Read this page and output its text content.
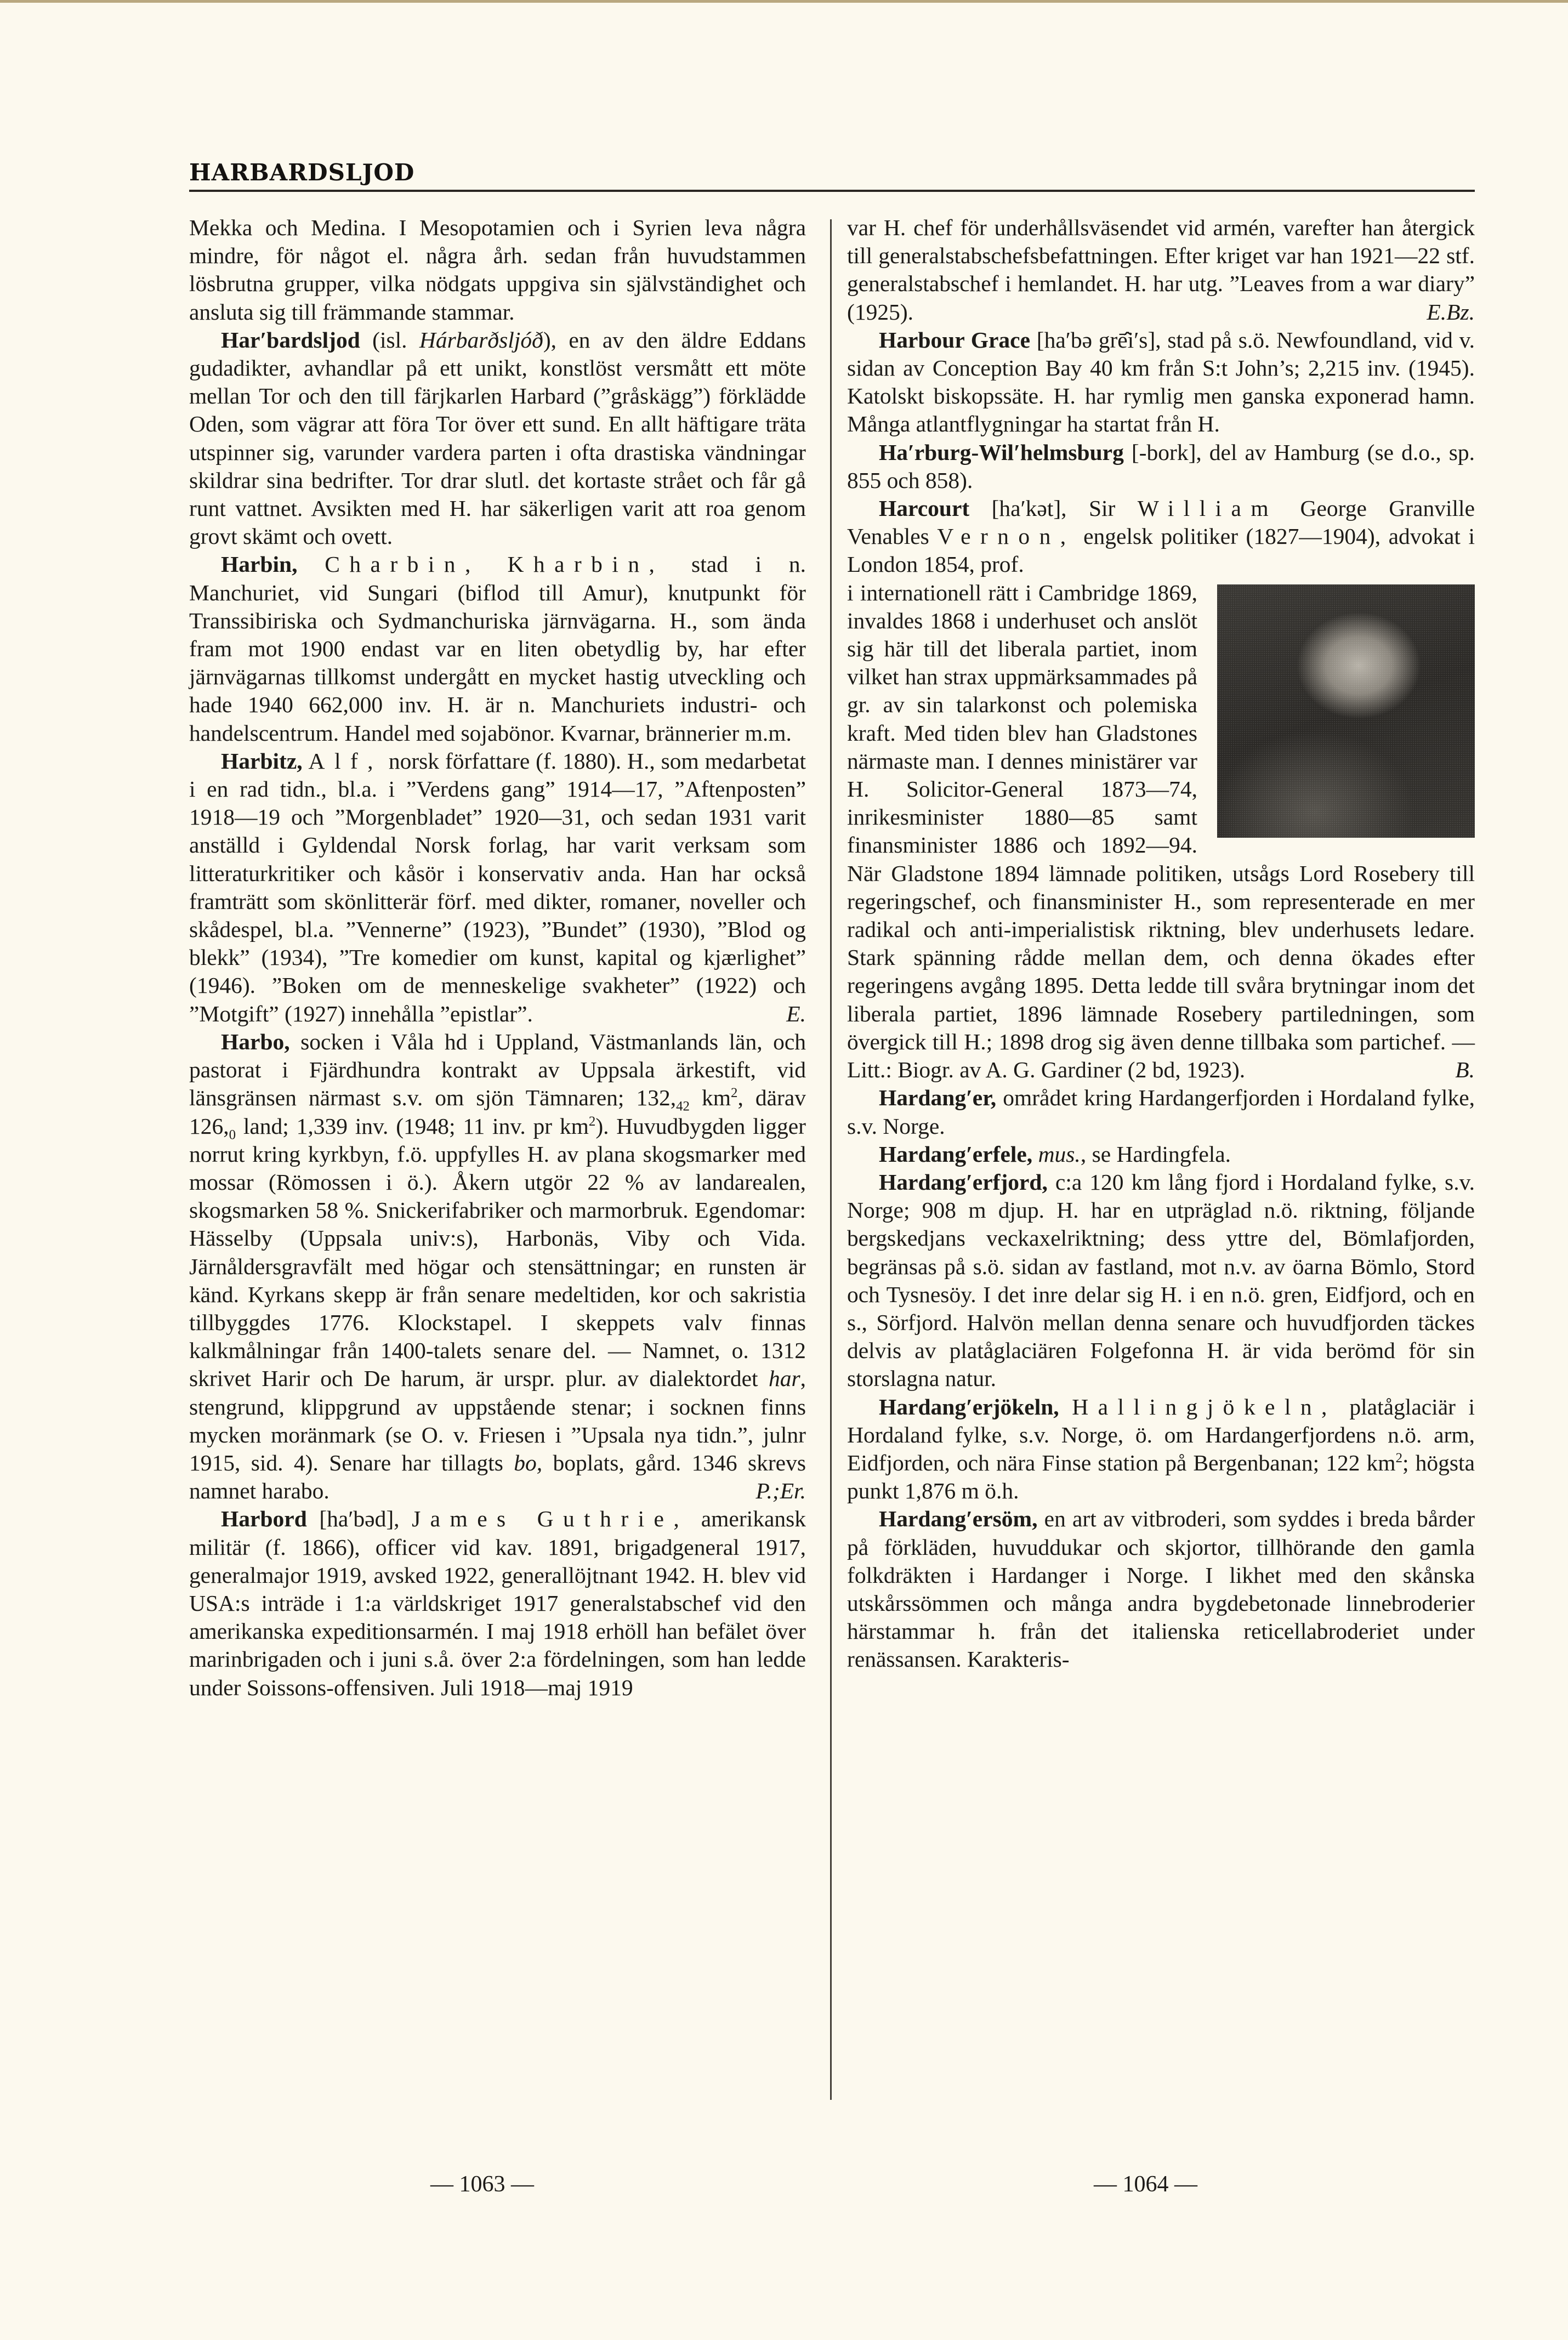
HARBARDSLJOD

Mekka och Medina. I Mesopotamien och i Syrien leva några mindre, för något el. några årh. sedan från huvudstammen lösbrutna grupper, vilka nödgats uppgiva sin självständighet och ansluta sig till främmande stammar.

Har′bardsljod (isl. Hárbarðsljóð), en av den äldre Eddans gudadikter, avhandlar på ett unikt, konstlöst versmått ett möte mellan Tor och den till färjkarlen Harbard (”gråskägg”) förklädde Oden, som vägrar att föra Tor över ett sund. En allt häftigare träta utspinner sig, varunder vardera parten i ofta drastiska vändningar skildrar sina bedrifter. Tor drar slutl. det kortaste strået och får gå runt vattnet. Avsikten med H. har säkerligen varit att roa genom grovt skämt och ovett.

Harbin, Charbin, Kharbin, stad i n. Manchuriet, vid Sungari (biflod till Amur), knutpunkt för Transsibiriska och Sydmanchuriska järnvägarna. H., som ända fram mot 1900 endast var en liten obetydlig by, har efter järnvägarnas tillkomst undergått en mycket hastig utveckling och hade 1940 662,000 inv. H. är n. Manchuriets industri- och handelscentrum. Handel med sojabönor. Kvarnar, brännerier m.m.

Harbitz, Alf, norsk författare (f. 1880). H., som medarbetat i en rad tidn., bl.a. i ”Verdens gang” 1914—17, ”Aftenposten” 1918—19 och ”Morgenbladet” 1920—31, och sedan 1931 varit anställd i Gyldendal Norsk forlag, har varit verksam som litteraturkritiker och kåsör i konservativ anda. Han har också framträtt som skönlitterär förf. med dikter, romaner, noveller och skådespel, bl.a. ”Vennerne” (1923), ”Bundet” (1930), ”Blod og blekk” (1934), ”Tre komedier om kunst, kapital og kjærlighet” (1946). ”Boken om de menneskelige svakheter” (1922) och ”Motgift” (1927) innehålla ”epistlar”.	E.

Harbo, socken i Våla hd i Uppland, Västmanlands län, och pastorat i Fjärdhundra kontrakt av Uppsala ärkestift, vid länsgränsen närmast s.v. om sjön Tämnaren; $132,_{42}$ $km^2$, därav $126,_0$ land; 1,339 inv. (1948; 11 inv. pr $km^2$). Huvudbygden ligger norrut kring kyrkbyn, f.ö. uppfylles H. av plana skogsmarker med mossar (Römossen i ö.). Åkern utgör 22 % av landarealen, skogsmarken 58 %. Snickerifabriker och marmorbruk. Egendomar: Hässelby (Uppsala univ:s), Harbonäs, Viby och Vida. Järnåldersgravfält med högar och stensättningar; en runsten är känd. Kyrkans skepp är från senare medeltiden, kor och sakristia tillbyggdes 1776. Klockstapel. I skeppets valv finnas kalkmålningar från 1400-talets senare del. — Namnet, o. 1312 skrivet Harir och De harum, är urspr. plur. av dialektordet har, stengrund, klippgrund av uppstående stenar; i socknen finns mycken moränmark (se O. v. Friesen i ”Upsala nya tidn.”, julnr 1915, sid. 4). Senare har tillagts bo, boplats, gård. 1346 skrevs namnet harabo.	P.;Er.

Harbord [ha′bəd], James Guthrie, amerikansk militär (f. 1866), officer vid kav. 1891, brigadgeneral 1917, generalmajor 1919, avsked 1922, generallöjtnant 1942. H. blev vid USA:s inträde i 1:a världskriget 1917 generalstabschef vid den amerikanska expeditionsarmén. I maj 1918 erhöll han befälet över marinbrigaden och i juni s.å. över 2:a fördelningen, som han ledde under Soissons-offensiven. Juli 1918—maj 1919

var H. chef för underhållsväsendet vid armén, varefter han återgick till generalstabschefsbefattningen. Efter kriget var han 1921—22 stf. generalstabschef i hemlandet. H. har utg. ”Leaves from a war diary” (1925).	E.Bz.

Harbour Grace [ha′bə grē̂i′s], stad på s.ö. Newfoundland, vid v. sidan av Conception Bay 40 km från S:t John’s; 2,215 inv. (1945). Katolskt biskopssäte. H. har rymlig men ganska exponerad hamn. Många atlantflygningar ha startat från H.

Ha′rburg-Wil′helmsburg [-bork], del av Hamburg (se d.o., sp. 855 och 858).

Harcourt [ha′kət], Sir William George Granville Venables Vernon, engelsk politiker (1827—1904), advokat i London 1854, prof.

i internationell rätt i Cambridge 1869, invaldes 1868 i underhuset och anslöt sig här till det liberala partiet, inom vilket han strax uppmärksammades på gr. av sin talarkonst och polemiska kraft. Med tiden blev han Gladstones närmaste man. I dennes ministärer var H. Solicitor-General 1873—74, inrikesminister 1880—85 samt finansminister 1886 och 1892—94. När Gladstone 1894 lämnade politiken, utsågs Lord Rosebery till regeringschef, och finansminister H., som representerade en mer radikal och anti-imperialistisk riktning, blev underhusets ledare. Stark spänning rådde mellan dem, och denna ökades efter regeringens avgång 1895. Detta ledde till svåra brytningar inom det liberala partiet, 1896 lämnade Rosebery partiledningen, som övergick till H.; 1898 drog sig även denne tillbaka som partichef. — Litt.: Biogr. av A. G. Gardiner (2 bd, 1923).	B.

Hardang′er, området kring Hardangerfjorden i Hordaland fylke, s.v. Norge.

Hardang′erfele, mus., se Hardingfela.

Hardang′erfjord, c:a 120 km lång fjord i Hordaland fylke, s.v. Norge; 908 m djup. H. har en utpräglad n.ö. riktning, följande bergskedjans veckaxelriktning; dess yttre del, Bömlafjorden, begränsas på s.ö. sidan av fastland, mot n.v. av öarna Bömlo, Stord och Tysnesöy. I det inre delar sig H. i en n.ö. gren, Eidfjord, och en s., Sörfjord. Halvön mellan denna senare och huvudfjorden täckes delvis av platåglaciären Folgefonna H. är vida berömd för sin storslagna natur.

Hardang′erjökeln, Hallingjökeln, platåglaciär i Hordaland fylke, s.v. Norge, ö. om Hardangerfjordens n.ö. arm, Eidfjorden, och nära Finse station på Bergenbanan; 122 $km^2$; högsta punkt 1,876 m ö.h.

Hardang′ersöm, en art av vitbroderi, som syddes i breda bårder på förkläden, huvuddukar och skjortor, tillhörande den gamla folkdräkten i Hardanger i Norge. I likhet med den skånska utskårssömmen och många andra bygdebetonade linnebroderier härstammar h. från det italienska reticellabroderiet under renässansen. Karakteris-

— 1063 —	— 1064 —
